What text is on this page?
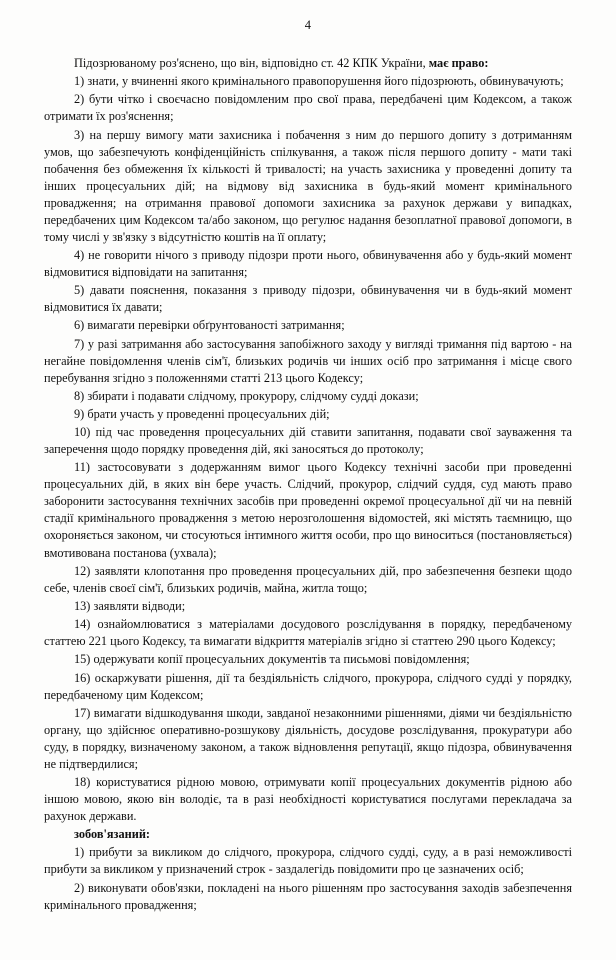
4

Підозрюваному роз'яснено, що він, відповідно ст. 42 КПК України, має право:

1) знати, у вчиненні якого кримінального правопорушення його підозрюють, обвинувачують;

2) бути чітко і своєчасно повідомленим про свої права, передбачені цим Кодексом, а також отримати їх роз'яснення;

3) на першу вимогу мати захисника і побачення з ним до першого допиту з дотриманням умов, що забезпечують конфіденційність спілкування, а також після першого допиту - мати такі побачення без обмеження їх кількості й тривалості; на участь захисника у проведенні допиту та інших процесуальних дій; на відмову від захисника в будь-який момент кримінального провадження; на отримання правової допомоги захисника за рахунок держави у випадках, передбачених цим Кодексом та/або законом, що регулює надання безоплатної правової допомоги, в тому числі у зв'язку з відсутністю коштів на її оплату;

4) не говорити нічого з приводу підозри проти нього, обвинувачення або у будь-який момент відмовитися відповідати на запитання;

5) давати пояснення, показання з приводу підозри, обвинувачення чи в будь-який момент відмовитися їх давати;

6) вимагати перевірки обґрунтованості затримання;

7) у разі затримання або застосування запобіжного заходу у вигляді тримання під вартою - на негайне повідомлення членів сім'ї, близьких родичів чи інших осіб про затримання і місце свого перебування згідно з положеннями статті 213 цього Кодексу;

8) збирати і подавати слідчому, прокурору, слідчому судді докази;

9) брати участь у проведенні процесуальних дій;

10) під час проведення процесуальних дій ставити запитання, подавати свої зауваження та заперечення щодо порядку проведення дій, які заносяться до протоколу;

11) застосовувати з додержанням вимог цього Кодексу технічні засоби при проведенні процесуальних дій, в яких він бере участь. Слідчий, прокурор, слідчий суддя, суд мають право заборонити застосування технічних засобів при проведенні окремої процесуальної дії чи на певній стадії кримінального провадження з метою нерозголошення відомостей, які містять таємницю, що охороняється законом, чи стосуються інтимного життя особи, про що виноситься (постановляється) вмотивована постанова (ухвала);

12) заявляти клопотання про проведення процесуальних дій, про забезпечення безпеки щодо себе, членів своєї сім'ї, близьких родичів, майна, житла тощо;

13) заявляти відводи;

14) ознайомлюватися з матеріалами досудового розслідування в порядку, передбаченому статтею 221 цього Кодексу, та вимагати відкриття матеріалів згідно зі статтею 290 цього Кодексу;

15) одержувати копії процесуальних документів та письмові повідомлення;

16) оскаржувати рішення, дії та бездіяльність слідчого, прокурора, слідчого судді у порядку, передбаченому цим Кодексом;

17) вимагати відшкодування шкоди, завданої незаконними рішеннями, діями чи бездіяльністю органу, що здійснює оперативно-розшукову діяльність, досудове розслідування, прокуратури або суду, в порядку, визначеному законом, а також відновлення репутації, якщо підозра, обвинувачення не підтвердилися;

18) користуватися рідною мовою, отримувати копії процесуальних документів рідною або іншою мовою, якою він володіє, та в разі необхідності користуватися послугами перекладача за рахунок держави.

зобов'язаний:

1) прибути за викликом до слідчого, прокурора, слідчого судді, суду, а в разі неможливості прибути за викликом у призначений строк - заздалегідь повідомити про це зазначених осіб;

2) виконувати обов'язки, покладені на нього рішенням про застосування заходів забезпечення кримінального провадження;
